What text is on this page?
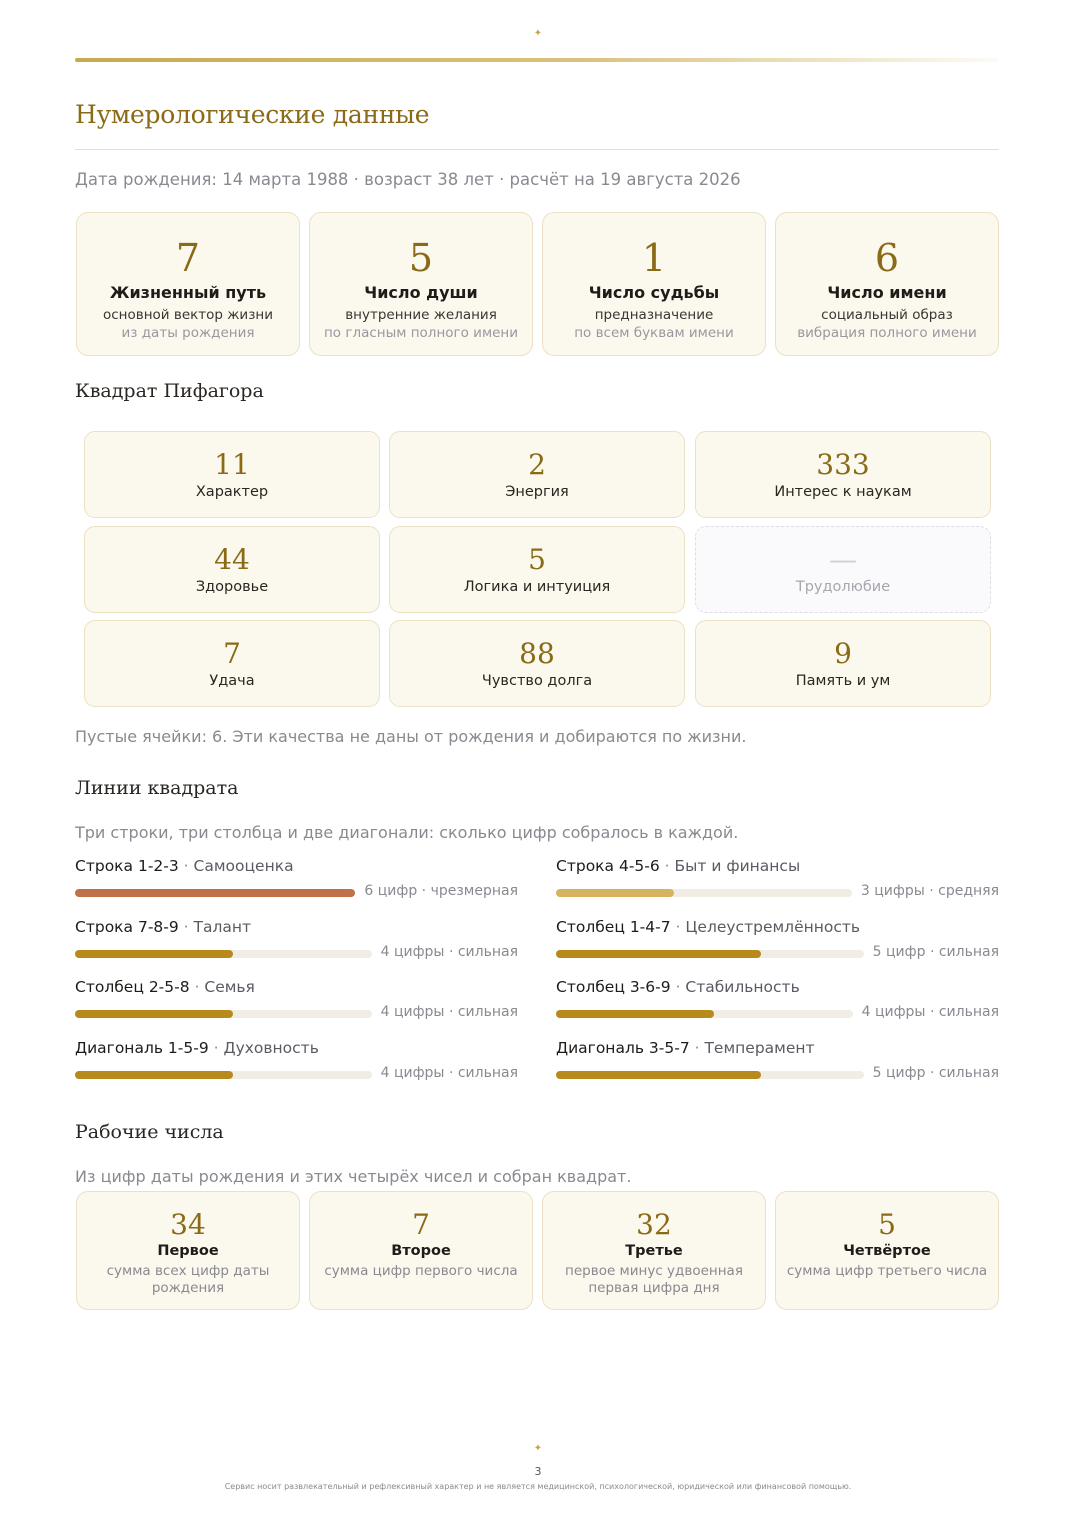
✦
Нумерологические данные
Дата рождения: 14 марта 1988 · возраст 38 лет · расчёт на 19 августа 2026
7
Жизненный путь
основной вектор жизни
из даты рождения
5
Число души
внутренние желания
по гласным полного имени
1
Число судьбы
предназначение
по всем буквам имени
6
Число имени
социальный образ
вибрация полного имени
Квадрат Пифагора
11
Характер
2
Энергия
333
Интерес к наукам
44
Здоровье
5
Логика и интуиция
—
Трудолюбие
7
Удача
88
Чувство долга
9
Память и ум
Пустые ячейки: 6. Эти качества не даны от рождения и добираются по жизни.
Линии квадрата
Три строки, три столбца и две диагонали: сколько цифр собралось в каждой.
Строка 1-2-3 · Самооценка
6 цифр · чрезмерная
Строка 4-5-6 · Быт и финансы
3 цифры · средняя
Строка 7-8-9 · Талант
4 цифры · сильная
Столбец 1-4-7 · Целеустремлённость
5 цифр · сильная
Столбец 2-5-8 · Семья
4 цифры · сильная
Столбец 3-6-9 · Стабильность
4 цифры · сильная
Диагональ 1-5-9 · Духовность
4 цифры · сильная
Диагональ 3-5-7 · Темперамент
5 цифр · сильная
Рабочие числа
Из цифр даты рождения и этих четырёх чисел и собран квадрат.
34
Первое
сумма всех цифр даты рождения
7
Второе
сумма цифр первого числа
32
Третье
первое минус удвоенная первая цифра дня
5
Четвёртое
сумма цифр третьего числа
✦
3
Сервис носит развлекательный и рефлексивный характер и не является медицинской, психологической, юридической или финансовой помощью.
